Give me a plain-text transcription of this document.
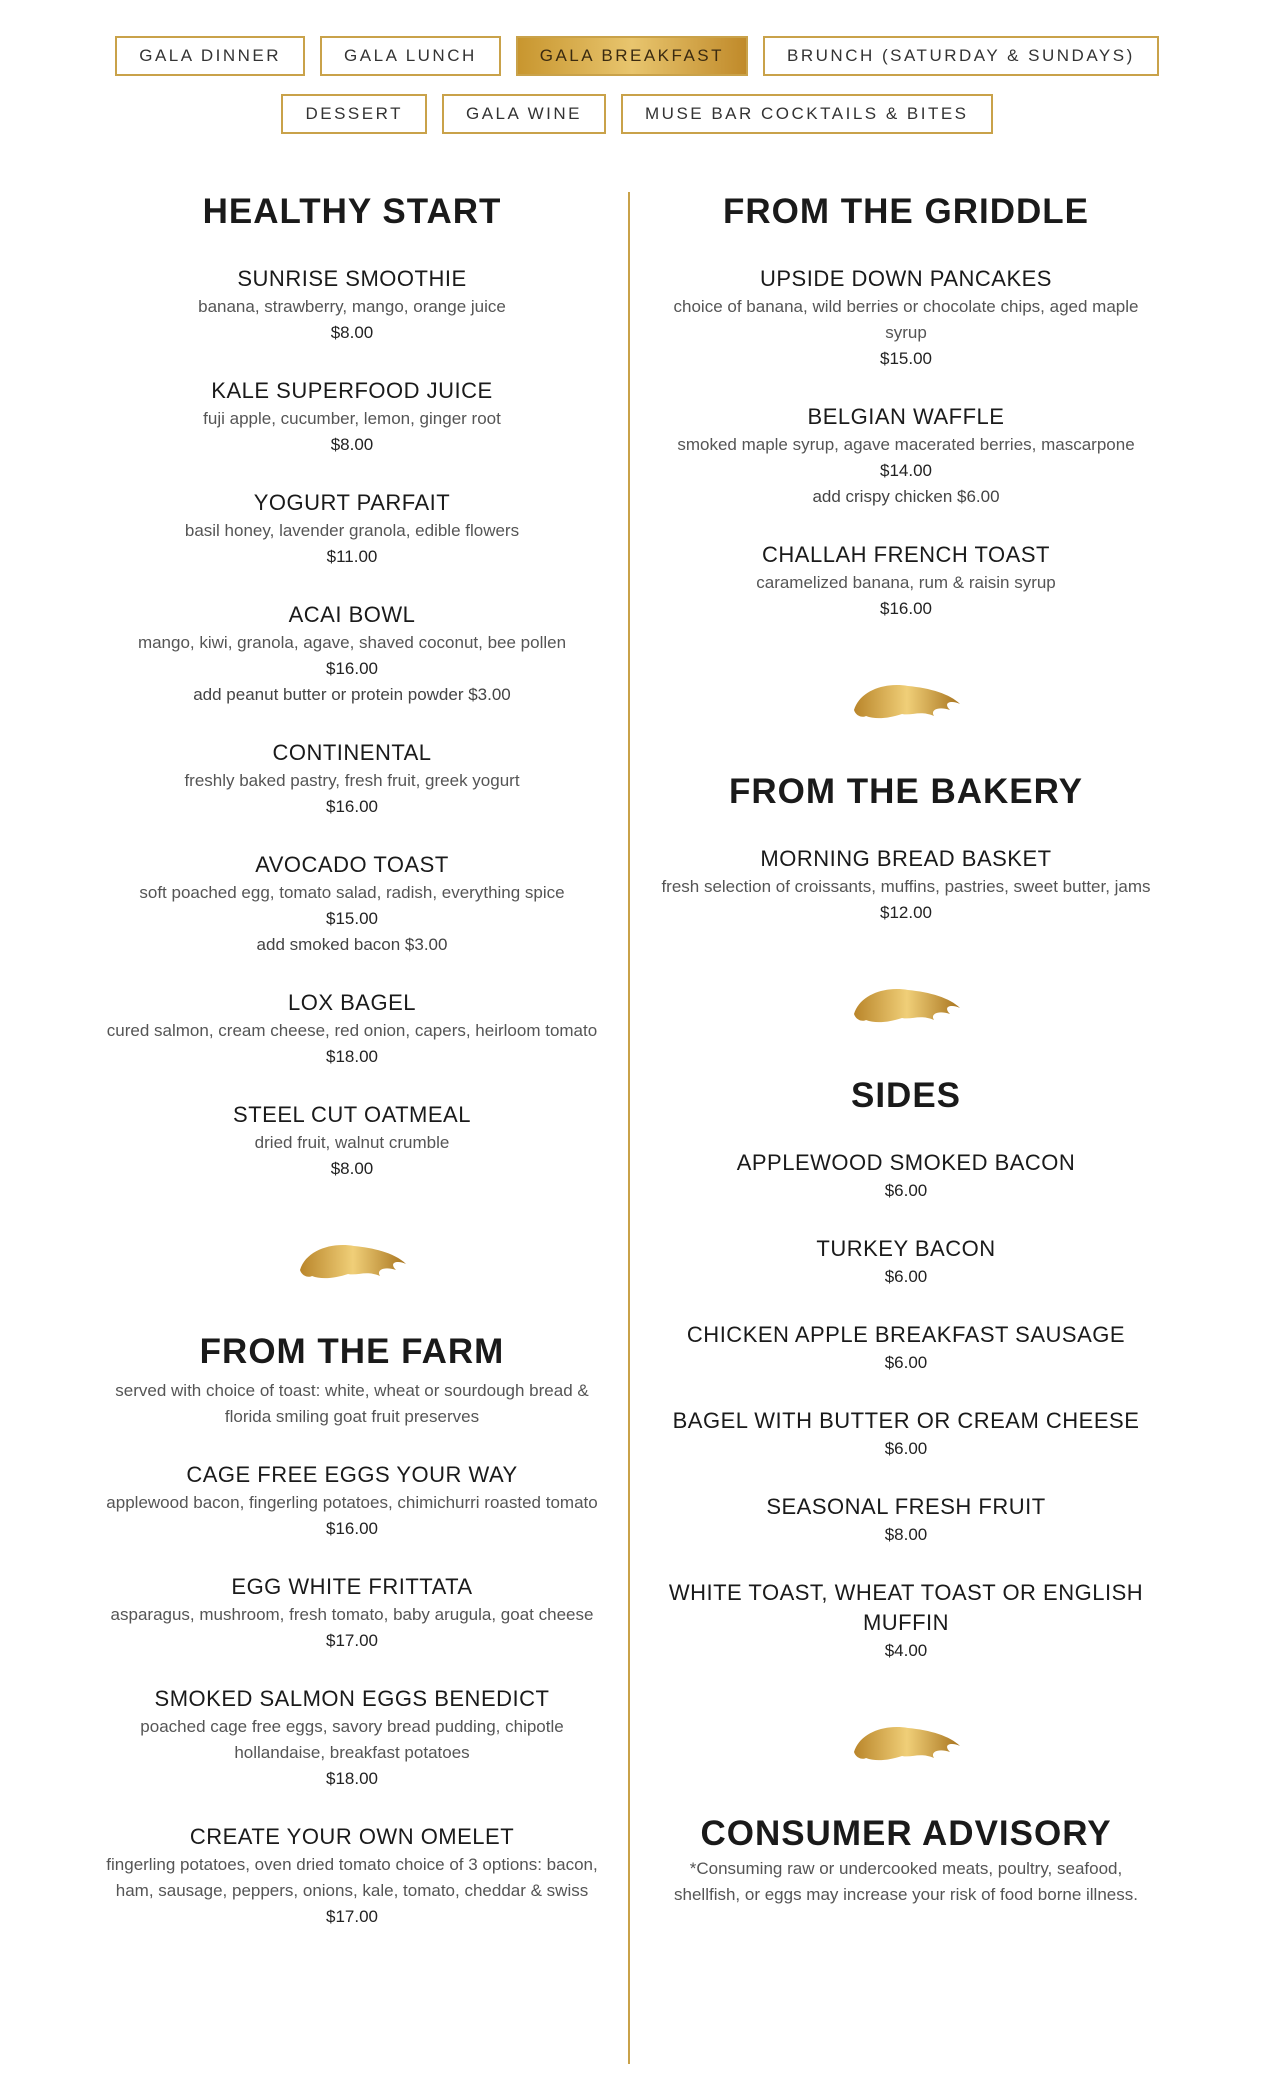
GALA DINNER	GALA LUNCH	GALA BREAKFAST	BRUNCH (SATURDAY & SUNDAYS)
DESSERT	GALA WINE	MUSE BAR COCKTAILS & BITES
HEALTHY START
SUNRISE SMOOTHIE
banana, strawberry, mango, orange juice
$8.00
KALE SUPERFOOD JUICE
fuji apple, cucumber, lemon, ginger root
$8.00
YOGURT PARFAIT
basil honey, lavender granola, edible flowers
$11.00
ACAI BOWL
mango, kiwi, granola, agave, shaved coconut, bee pollen
$16.00
add peanut butter or protein powder $3.00
CONTINENTAL
freshly baked pastry, fresh fruit, greek yogurt
$16.00
AVOCADO TOAST
soft poached egg, tomato salad, radish, everything spice
$15.00
add smoked bacon $3.00
LOX BAGEL
cured salmon, cream cheese, red onion, capers, heirloom tomato
$18.00
STEEL CUT OATMEAL
dried fruit, walnut crumble
$8.00
FROM THE FARM
served with choice of toast: white, wheat or sourdough bread & florida smiling goat fruit preserves
CAGE FREE EGGS YOUR WAY
applewood bacon, fingerling potatoes, chimichurri roasted tomato
$16.00
EGG WHITE FRITTATA
asparagus, mushroom, fresh tomato, baby arugula, goat cheese
$17.00
SMOKED SALMON EGGS BENEDICT
poached cage free eggs, savory bread pudding, chipotle hollandaise, breakfast potatoes
$18.00
CREATE YOUR OWN OMELET
fingerling potatoes, oven dried tomato choice of 3 options: bacon, ham, sausage, peppers, onions, kale, tomato, cheddar & swiss
$17.00
FROM THE GRIDDLE
UPSIDE DOWN PANCAKES
choice of banana, wild berries or chocolate chips, aged maple syrup
$15.00
BELGIAN WAFFLE
smoked maple syrup, agave macerated berries, mascarpone
$14.00
add crispy chicken $6.00
CHALLAH FRENCH TOAST
caramelized banana, rum & raisin syrup
$16.00
FROM THE BAKERY
MORNING BREAD BASKET
fresh selection of croissants, muffins, pastries, sweet butter, jams
$12.00
SIDES
APPLEWOOD SMOKED BACON
$6.00
TURKEY BACON
$6.00
CHICKEN APPLE BREAKFAST SAUSAGE
$6.00
BAGEL WITH BUTTER OR CREAM CHEESE
$6.00
SEASONAL FRESH FRUIT
$8.00
WHITE TOAST, WHEAT TOAST OR ENGLISH MUFFIN
$4.00
CONSUMER ADVISORY
*Consuming raw or undercooked meats, poultry, seafood, shellfish, or eggs may increase your risk of food borne illness.
